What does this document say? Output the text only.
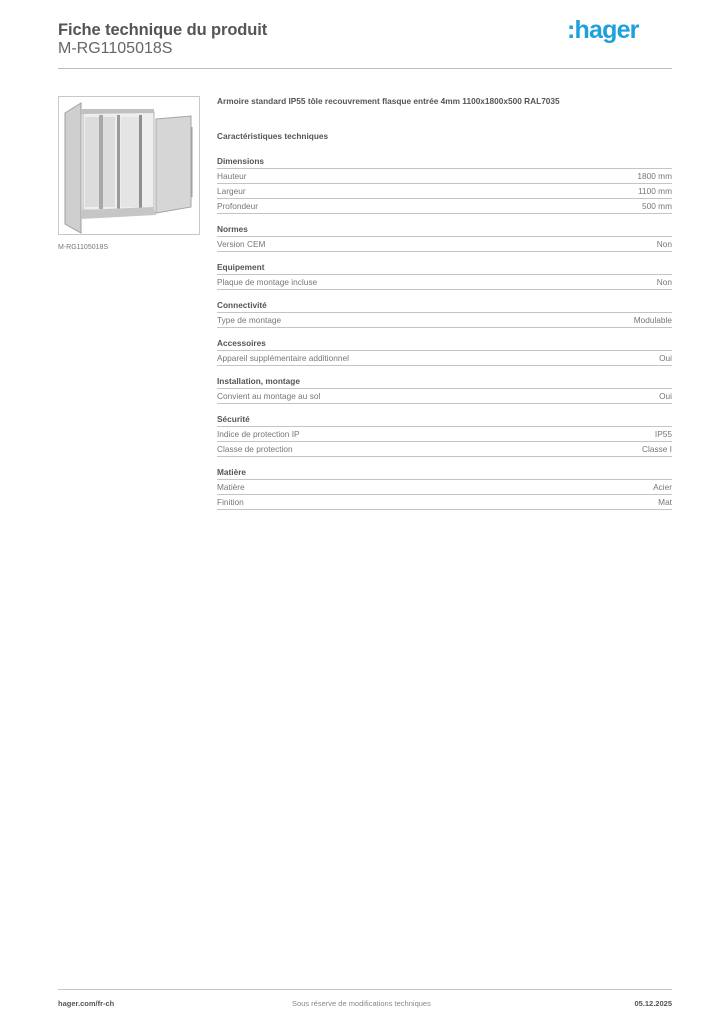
Fiche technique du produit
M-RG1105018S
:hager
M-RG1105018S
Armoire standard IP55 tôle recouvrement flasque entrée 4mm 1100x1800x500 RAL7035
Caractéristiques techniques
Dimensions
Hauteur	1800 mm
Largeur	1100 mm
Profondeur	500 mm
Normes
Version CEM	Non
Equipement
Plaque de montage incluse	Non
Connectivité
Type de montage	Modulable
Accessoires
Appareil supplémentaire additionnel	Oui
Installation, montage
Convient au montage au sol	Oui
Sécurité
Indice de protection IP	IP55
Classe de protection	Classe I
Matière
Matière	Acier
Finition	Mat
hager.com/fr-ch	Sous réserve de modifications techniques	05.12.2025
